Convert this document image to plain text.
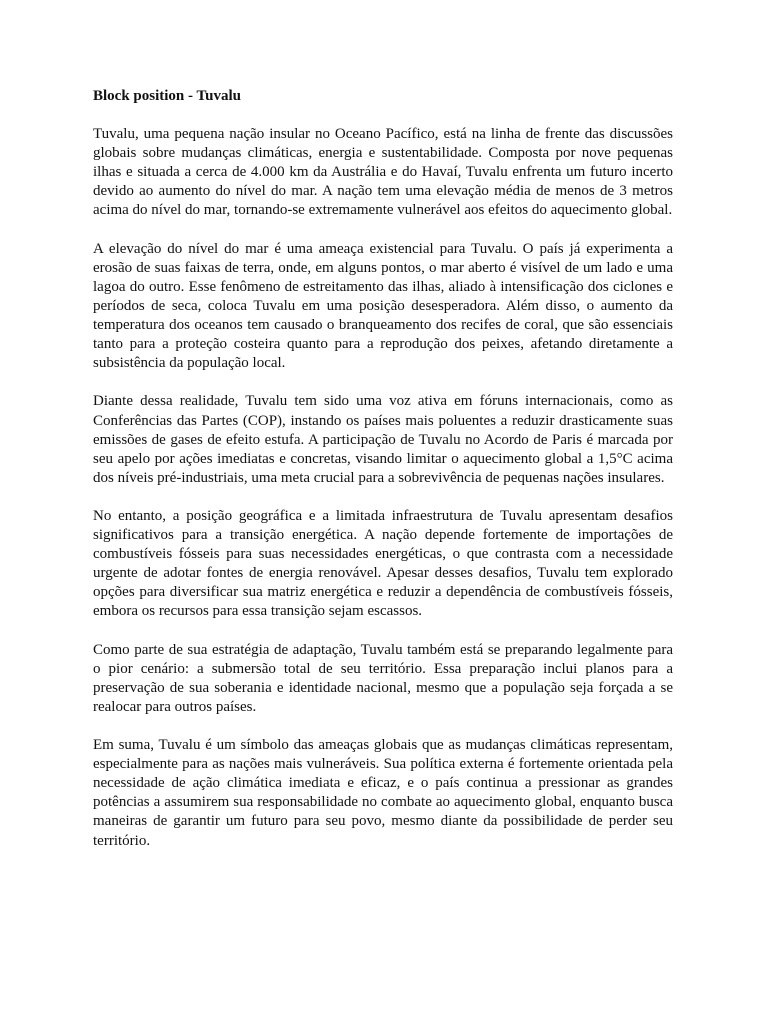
Block position - Tuvalu

Tuvalu, uma pequena nação insular no Oceano Pacífico, está na linha de frente das discussões globais sobre mudanças climáticas, energia e sustentabilidade. Composta por nove pequenas ilhas e situada a cerca de 4.000 km da Austrália e do Havaí, Tuvalu enfrenta um futuro incerto devido ao aumento do nível do mar. A nação tem uma elevação média de menos de 3 metros acima do nível do mar, tornando-se extremamente vulnerável aos efeitos do aquecimento global.

A elevação do nível do mar é uma ameaça existencial para Tuvalu. O país já experimenta a erosão de suas faixas de terra, onde, em alguns pontos, o mar aberto é visível de um lado e uma lagoa do outro. Esse fenômeno de estreitamento das ilhas, aliado à intensificação dos ciclones e períodos de seca, coloca Tuvalu em uma posição desesperadora. Além disso, o aumento da temperatura dos oceanos tem causado o branqueamento dos recifes de coral, que são essenciais tanto para a proteção costeira quanto para a reprodução dos peixes, afetando diretamente a subsistência da população local.

Diante dessa realidade, Tuvalu tem sido uma voz ativa em fóruns internacionais, como as Conferências das Partes (COP), instando os países mais poluentes a reduzir drasticamente suas emissões de gases de efeito estufa. A participação de Tuvalu no Acordo de Paris é marcada por seu apelo por ações imediatas e concretas, visando limitar o aquecimento global a 1,5°C acima dos níveis pré-industriais, uma meta crucial para a sobrevivência de pequenas nações insulares.

No entanto, a posição geográfica e a limitada infraestrutura de Tuvalu apresentam desafios significativos para a transição energética. A nação depende fortemente de importações de combustíveis fósseis para suas necessidades energéticas, o que contrasta com a necessidade urgente de adotar fontes de energia renovável. Apesar desses desafios, Tuvalu tem explorado opções para diversificar sua matriz energética e reduzir a dependência de combustíveis fósseis, embora os recursos para essa transição sejam escassos.

Como parte de sua estratégia de adaptação, Tuvalu também está se preparando legalmente para o pior cenário: a submersão total de seu território. Essa preparação inclui planos para a preservação de sua soberania e identidade nacional, mesmo que a população seja forçada a se realocar para outros países.

Em suma, Tuvalu é um símbolo das ameaças globais que as mudanças climáticas representam, especialmente para as nações mais vulneráveis. Sua política externa é fortemente orientada pela necessidade de ação climática imediata e eficaz, e o país continua a pressionar as grandes potências a assumirem sua responsabilidade no combate ao aquecimento global, enquanto busca maneiras de garantir um futuro para seu povo, mesmo diante da possibilidade de perder seu território.
